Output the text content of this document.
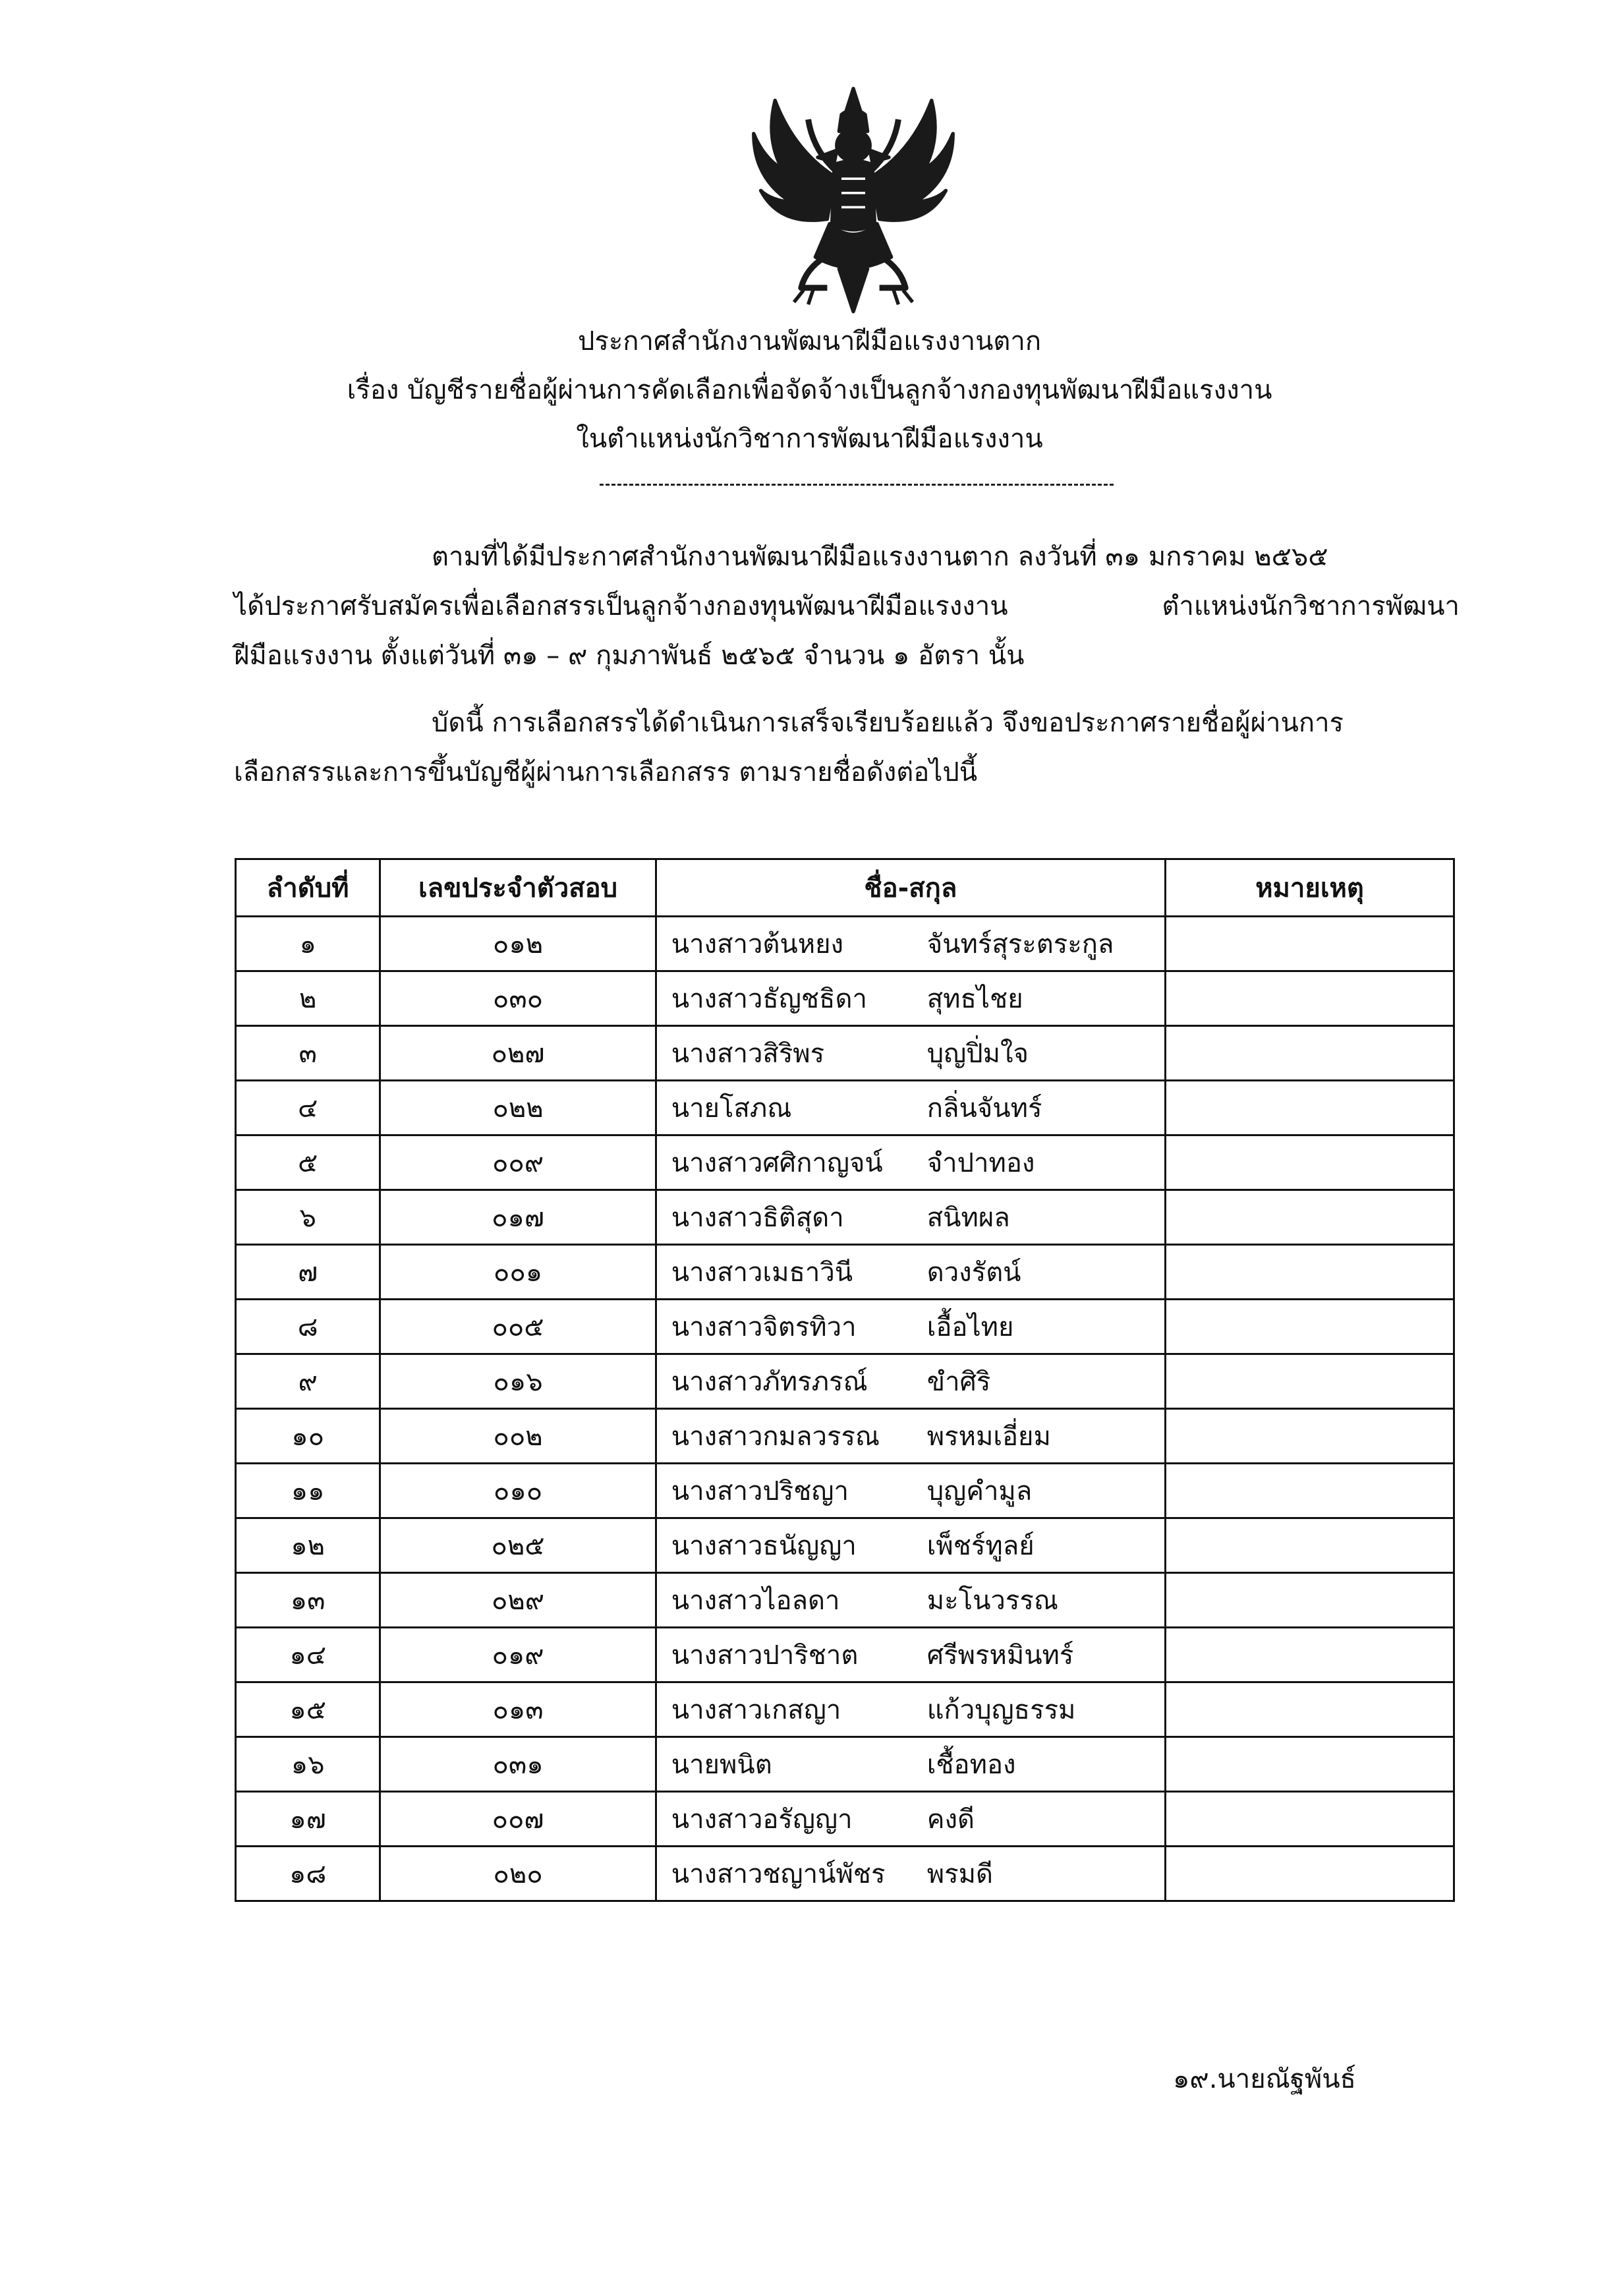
ประกาศสำนักงานพัฒนาฝีมือแรงงานตาก
เรื่อง บัญชีรายชื่อผู้ผ่านการคัดเลือกเพื่อจัดจ้างเป็นลูกจ้างกองทุนพัฒนาฝีมือแรงงาน
ในตำแหน่งนักวิชาการพัฒนาฝีมือแรงงาน
ตามที่ได้มีประกาศสำนักงานพัฒนาฝีมือแรงงานตาก ลงวันที่ ๓๑ มกราคม ๒๕๖๕
ได้ประกาศรับสมัครเพื่อเลือกสรรเป็นลูกจ้างกองทุนพัฒนาฝีมือแรงงาน ตำแหน่งนักวิชาการพัฒนา
ฝีมือแรงงาน ตั้งแต่วันที่ ๓๑ – ๙ กุมภาพันธ์ ๒๕๖๕ จำนวน ๑ อัตรา นั้น
บัดนี้ การเลือกสรรได้ดำเนินการเสร็จเรียบร้อยแล้ว จึงขอประกาศรายชื่อผู้ผ่านการ
เลือกสรรและการขึ้นบัญชีผู้ผ่านการเลือกสรร ตามรายชื่อดังต่อไปนี้
ลำดับที่	เลขประจำตัวสอบ	ชื่อ-สกุล	หมายเหตุ
๑	๐๑๒	นางสาวต้นหยง จันทร์สุระตระกูล	
๒	๐๓๐	นางสาวธัญชธิดา สุทธไชย	
๓	๐๒๗	นางสาวสิริพร บุญปิ่มใจ	
๔	๐๒๒	นายโสภณ กลิ่นจันทร์	
๕	๐๐๙	นางสาวศศิกาญจน์ จำปาทอง	
๖	๐๑๗	นางสาวธิติสุดา สนิทผล	
๗	๐๐๑	นางสาวเมธาวินี ดวงรัตน์	
๘	๐๐๕	นางสาวจิตรทิวา เอื้อไทย	
๙	๐๑๖	นางสาวภัทรภรณ์ ขำศิริ	
๑๐	๐๐๒	นางสาวกมลวรรณ พรหมเอี่ยม	
๑๑	๐๑๐	นางสาวปริชญา บุญคำมูล	
๑๒	๐๒๕	นางสาวธนัญญา เพ็ชร์ทูลย์	
๑๓	๐๒๙	นางสาวไอลดา มะโนวรรณ	
๑๔	๐๑๙	นางสาวปาริชาต ศรีพรหมินทร์	
๑๕	๐๑๓	นางสาวเกสญา แก้วบุญธรรม	
๑๖	๐๓๑	นายพนิต เชื้อทอง	
๑๗	๐๐๗	นางสาวอรัญญา คงดี	
๑๘	๐๒๐	นางสาวชญาน์พัชร พรมดี	
๑๙.นายณัฐพันธ์
